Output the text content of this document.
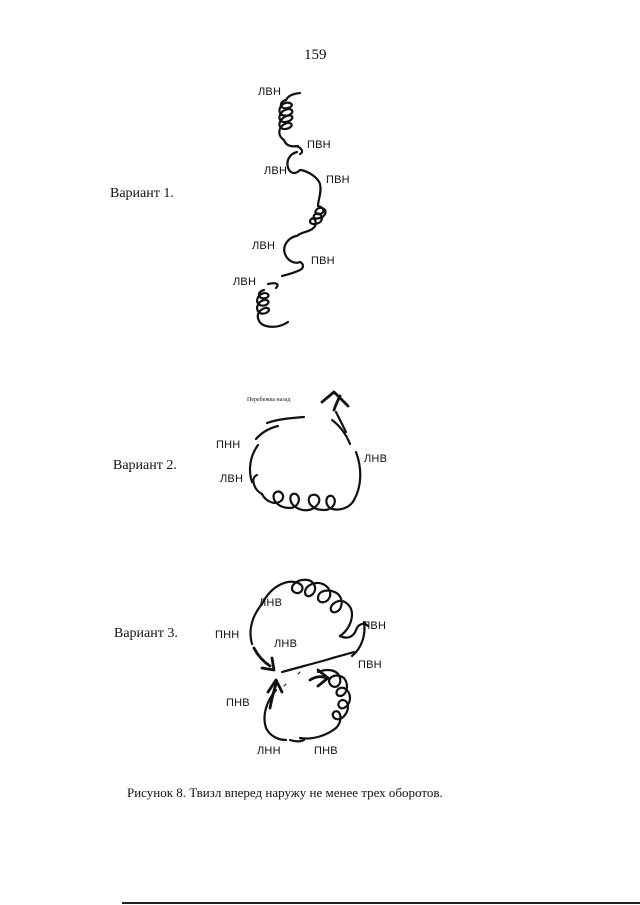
159
Вариант 1.
ЛВН
ПВН
ЛВН
ПВН
ЛВН
ПВН
ЛВН
Вариант 2.
Перебежка назад
ПНН
ЛВН
ЛНВ
Вариант 3.
ЛНВ
ПНН
ЛНВ
ЛВН
ПВН
ПНВ
ЛНН	ПНВ
Рисунок 8. Твизл вперед наружу не менее трех оборотов.
